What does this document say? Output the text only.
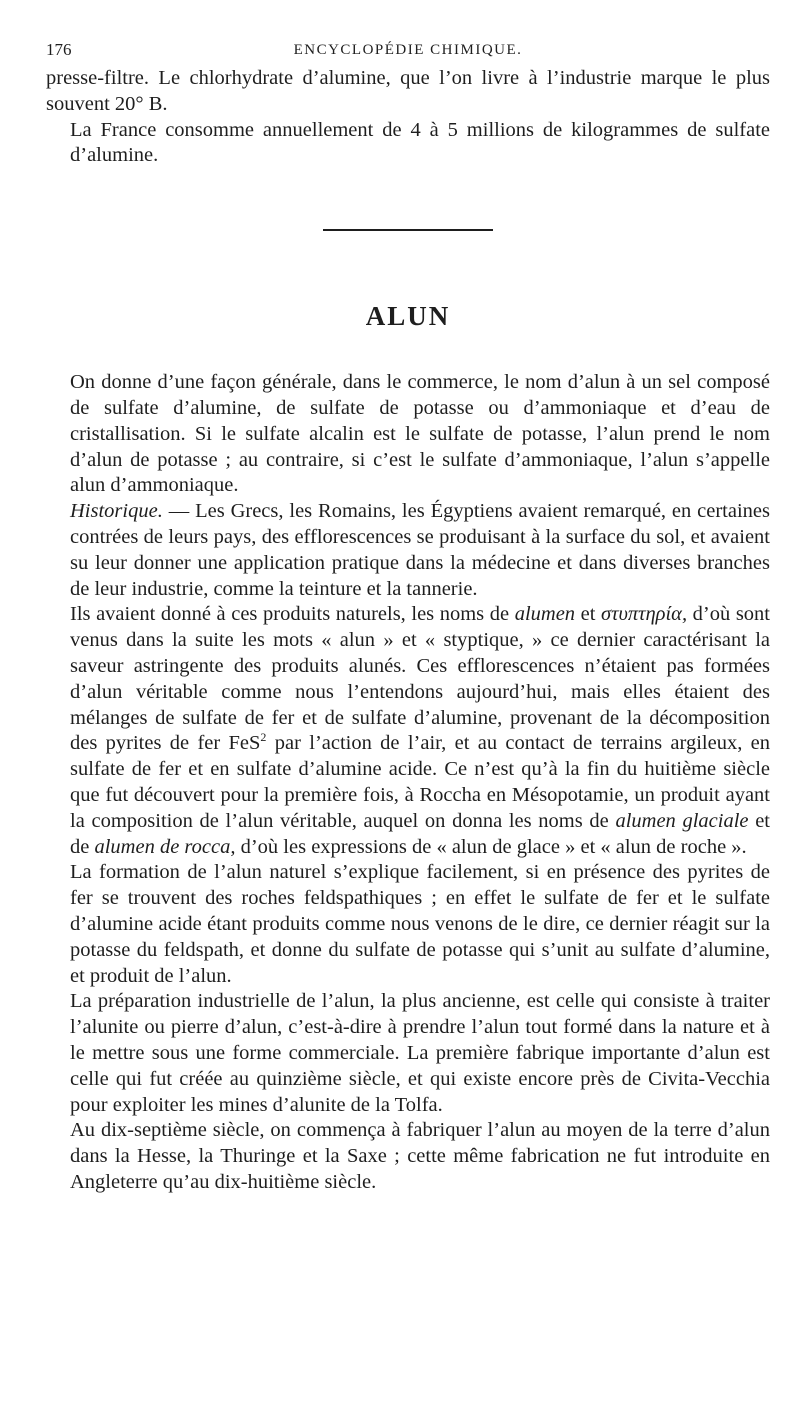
176	ENCYCLOPÉDIE CHIMIQUE.

presse-filtre. Le chlorhydrate d’alumine, que l’on livre à l’industrie marque le plus souvent 20° B.

La France consomme annuellement de 4 à 5 millions de kilogrammes de sulfate d’alumine.

ALUN

On donne d’une façon générale, dans le commerce, le nom d’alun à un sel composé de sulfate d’alumine, de sulfate de potasse ou d’ammoniaque et d’eau de cristallisation. Si le sulfate alcalin est le sulfate de potasse, l’alun prend le nom d’alun de potasse ; au contraire, si c’est le sulfate d’ammoniaque, l’alun s’appelle alun d’ammoniaque.

Historique. — Les Grecs, les Romains, les Égyptiens avaient remarqué, en certaines contrées de leurs pays, des efflorescences se produisant à la surface du sol, et avaient su leur donner une application pratique dans la médecine et dans diverses branches de leur industrie, comme la teinture et la tannerie.

Ils avaient donné à ces produits naturels, les noms de alumen et στυπτηρία, d’où sont venus dans la suite les mots « alun » et « styptique, » ce dernier caractérisant la saveur astringente des produits alunés. Ces efflorescences n’étaient pas formées d’alun véritable comme nous l’entendons aujourd’hui, mais elles étaient des mélanges de sulfate de fer et de sulfate d’alumine, provenant de la décomposition des pyrites de fer FeS$^2$ par l’action de l’air, et au contact de terrains argileux, en sulfate de fer et en sulfate d’alumine acide. Ce n’est qu’à la fin du huitième siècle que fut découvert pour la première fois, à Roccha en Mésopotamie, un produit ayant la composition de l’alun véritable, auquel on donna les noms de alumen glaciale et de alumen de rocca, d’où les expressions de « alun de glace » et « alun de roche ».

La formation de l’alun naturel s’explique facilement, si en présence des pyrites de fer se trouvent des roches feldspathiques ; en effet le sulfate de fer et le sulfate d’alumine acide étant produits comme nous venons de le dire, ce dernier réagit sur la potasse du feldspath, et donne du sulfate de potasse qui s’unit au sulfate d’alumine, et produit de l’alun.

La préparation industrielle de l’alun, la plus ancienne, est celle qui consiste à traiter l’alunite ou pierre d’alun, c’est-à-dire à prendre l’alun tout formé dans la nature et à le mettre sous une forme commerciale. La première fabrique importante d’alun est celle qui fut créée au quinzième siècle, et qui existe encore près de Civita-Vecchia pour exploiter les mines d’alunite de la Tolfa.

Au dix-septième siècle, on commença à fabriquer l’alun au moyen de la terre d’alun dans la Hesse, la Thuringe et la Saxe ; cette même fabrication ne fut introduite en Angleterre qu’au dix-huitième siècle.
